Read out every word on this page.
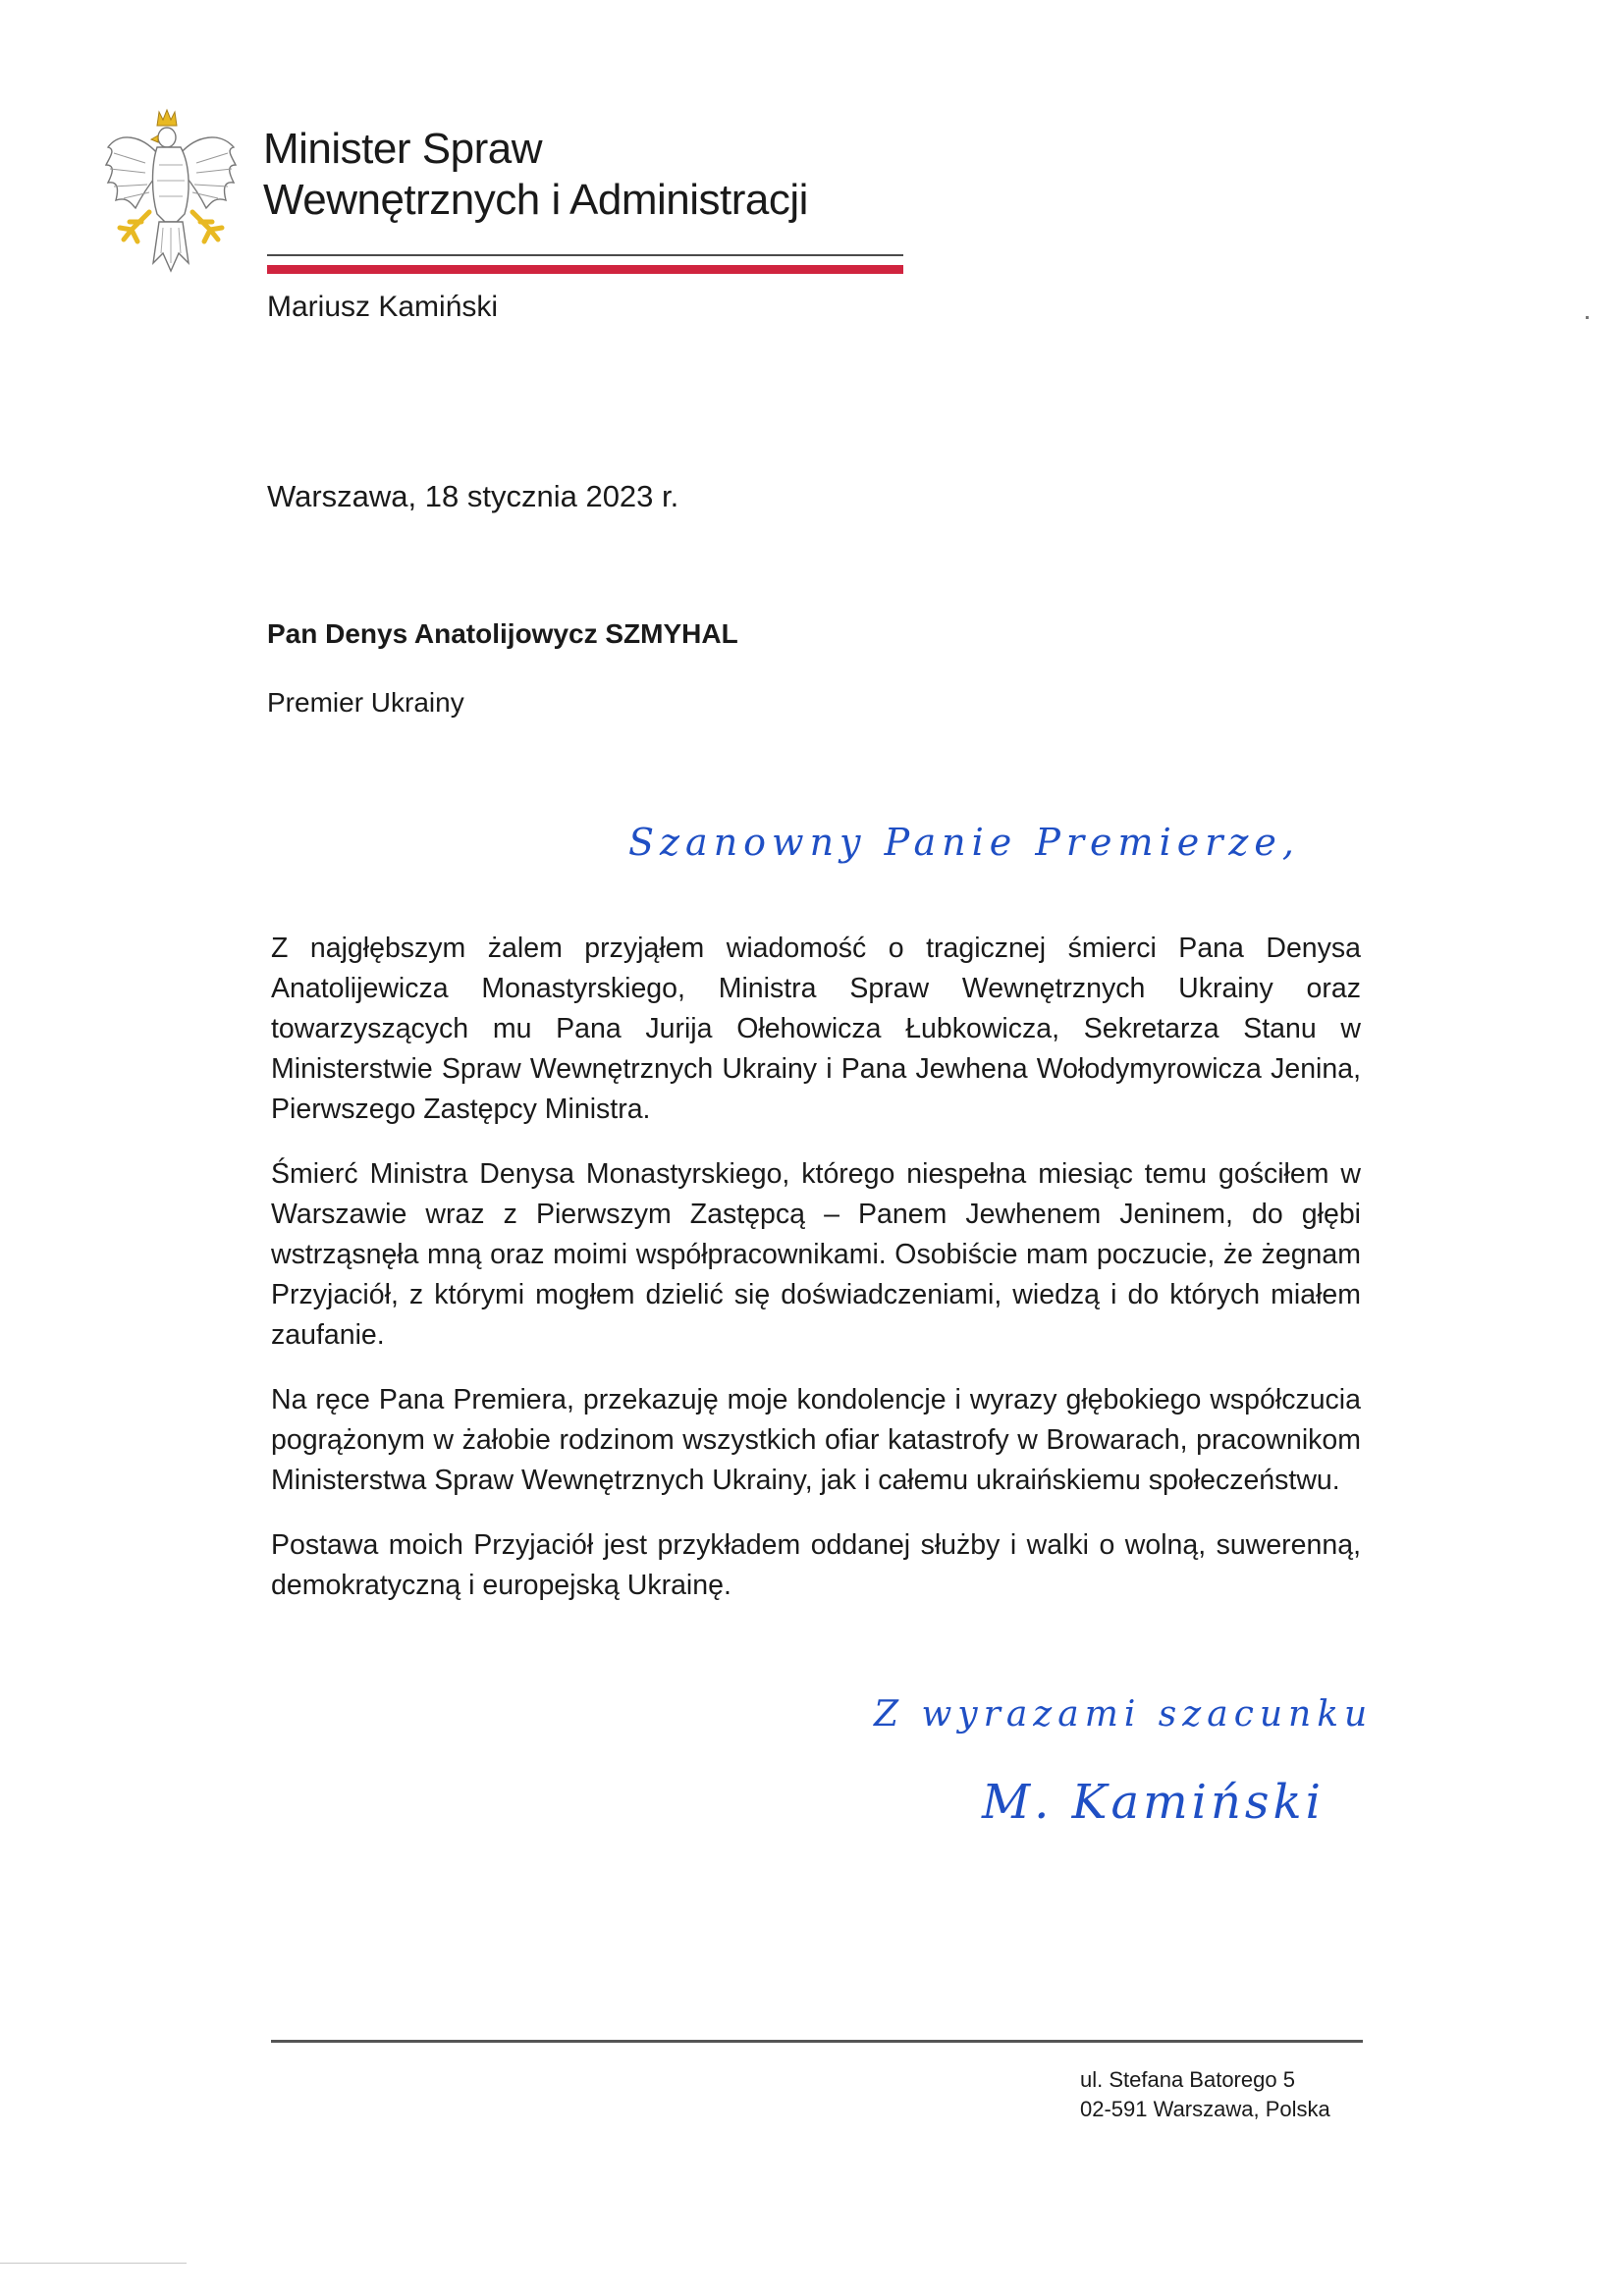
Minister Spraw
Wewnętrznych i Administracji
Mariusz Kamiński
Warszawa, 18 stycznia 2023 r.
Pan Denys Anatolijowycz SZMYHAL
Premier Ukrainy
Szanowny Panie Premierze,

Z najgłębszym żalem przyjąłem wiadomość o tragicznej śmierci Pana Denysa Anatolijewicza Monastyrskiego, Ministra Spraw Wewnętrznych Ukrainy oraz towarzyszących mu Pana Jurija Ołehowicza Łubkowicza, Sekretarza Stanu w Ministerstwie Spraw Wewnętrznych Ukrainy i Pana Jewhena Wołodymyrowicza Jenina, Pierwszego Zastępcy Ministra.

Śmierć Ministra Denysa Monastyrskiego, którego niespełna miesiąc temu gościłem w Warszawie wraz z Pierwszym Zastępcą – Panem Jewhenem Jeninem, do głębi wstrząsnęła mną oraz moimi współpracownikami. Osobiście mam poczucie, że żegnam Przyjaciół, z którymi mogłem dzielić się doświadczeniami, wiedzą i do których miałem zaufanie.

Na ręce Pana Premiera, przekazuję moje kondolencje i wyrazy głębokiego współczucia pogrążonym w żałobie rodzinom wszystkich ofiar katastrofy w Browarach, pracownikom Ministerstwa Spraw Wewnętrznych Ukrainy, jak i całemu ukraińskiemu społeczeństwu.

Postawa moich Przyjaciół jest przykładem oddanej służby i walki o wolną, suwerenną, demokratyczną i europejską Ukrainę.

Z wyrazami szacunku
M. Kamiński
ul. Stefana Batorego 5
02-591 Warszawa, Polska
